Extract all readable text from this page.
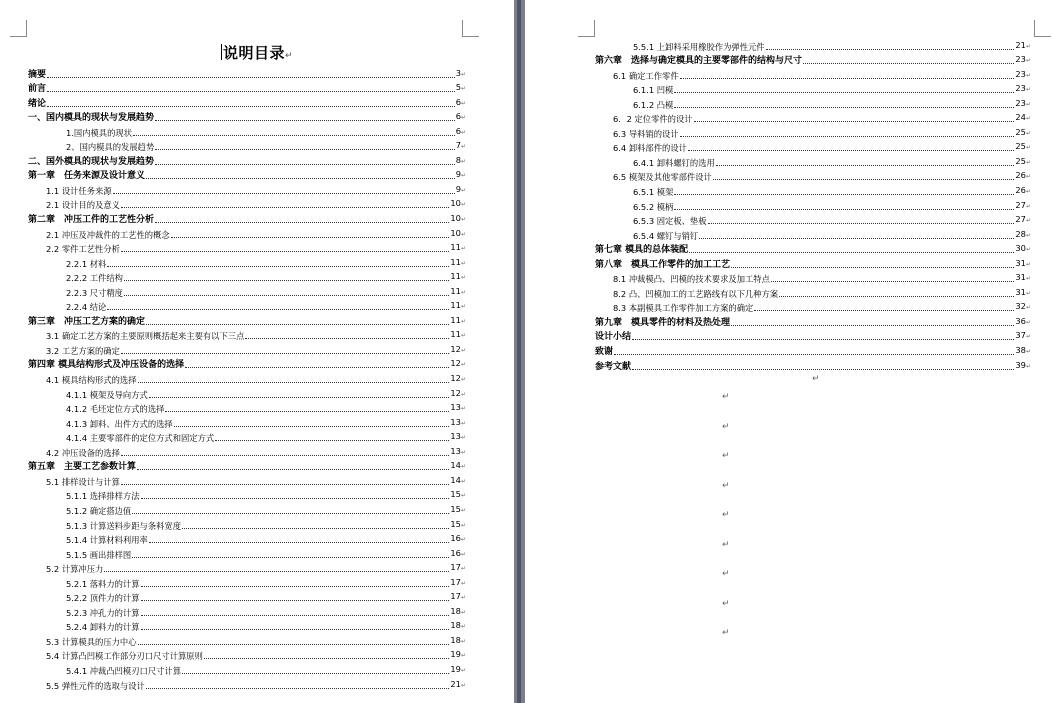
说明目录↵
摘要	3 ↵
前言	5 ↵
绪论	6 ↵
一、国内模具的现状与发展趋势	6 ↵
1.国内模具的现状	6 ↵
2、国内模具的发展趋势	7 ↵
二、国外模具的现状与发展趋势	8 ↵
第一章　任务来源及设计意义	9 ↵
1.1 设计任务来源	9 ↵
2.1 设计目的及意义	10 ↵
第二章　冲压工件的工艺性分析	10 ↵
2.1 冲压及冲裁件的工艺性的概念	10 ↵
2.2 零件工艺性分析	11 ↵
2.2.1 材料	11 ↵
2.2.2 工件结构	11 ↵
2.2.3 尺寸精度	11 ↵
2.2.4 结论	11 ↵
第三章　冲压工艺方案的确定	11 ↵
3.1 确定工艺方案的主要原则概括起来主要有以下三点	11 ↵
3.2 工艺方案的确定	12 ↵
第四章 模具结构形式及冲压设备的选择	12 ↵
4.1 模具结构形式的选择	12 ↵
4.1.1 模架及导向方式	12 ↵
4.1.2 毛坯定位方式的选择	13 ↵
4.1.3 卸料、出件方式的选择	13 ↵
4.1.4 主要零部件的定位方式和固定方式	13 ↵
4.2 冲压设备的选择	13 ↵
第五章　主要工艺参数计算	14 ↵
5.1 排样设计与计算	14 ↵
5.1.1 选择排样方法	15 ↵
5.1.2 确定搭边值	15 ↵
5.1.3 计算送料步距与条料宽度	15 ↵
5.1.4 计算材料利用率	16 ↵
5.1.5 画出排样图	16 ↵
5.2 计算冲压力	17 ↵
5.2.1 落料力的计算	17 ↵
5.2.2 顶件力的计算	17 ↵
5.2.3 冲孔力的计算	18 ↵
5.2.4 卸料力的计算	18 ↵
5.3 计算模具的压力中心	18 ↵
5.4 计算凸凹模工作部分刃口尺寸计算原则	19 ↵
5.4.1 冲裁凸凹模刃口尺寸计算	19 ↵
5.5 弹性元件的选取与设计	21 ↵
5.5.1 上卸料采用橡胶作为弹性元件	21 ↵
第六章　选择与确定模具的主要零部件的结构与尺寸	23 ↵
6.1 确定工作零件	23 ↵
6.1.1 凹模	23 ↵
6.1.2 凸模	23 ↵
6．2 定位零件的设计	24 ↵
6.3 导料销的设计	25 ↵
6.4 卸料部件的设计	25 ↵
6.4.1 卸料螺钉的选用	25 ↵
6.5 模架及其他零部件设计	26 ↵
6.5.1 模架	26 ↵
6.5.2 模柄	27 ↵
6.5.3 固定板、垫板	27 ↵
6.5.4 螺钉与销钉	28 ↵
第七章 模具的总体装配	30 ↵
第八章　模具工作零件的加工工艺	31 ↵
8.1 冲裁模凸、凹模的技术要求及加工特点	31 ↵
8.2 凸、凹模加工的工艺路线有以下几种方案	31 ↵
8.3 本副模具工作零件加工方案的确定	32 ↵
第九章　模具零件的材料及热处理	36 ↵
设计小结	37 ↵
致谢	38 ↵
参考文献	39 ↵
↵
↵
↵
↵
↵
↵
↵
↵
↵
↵
